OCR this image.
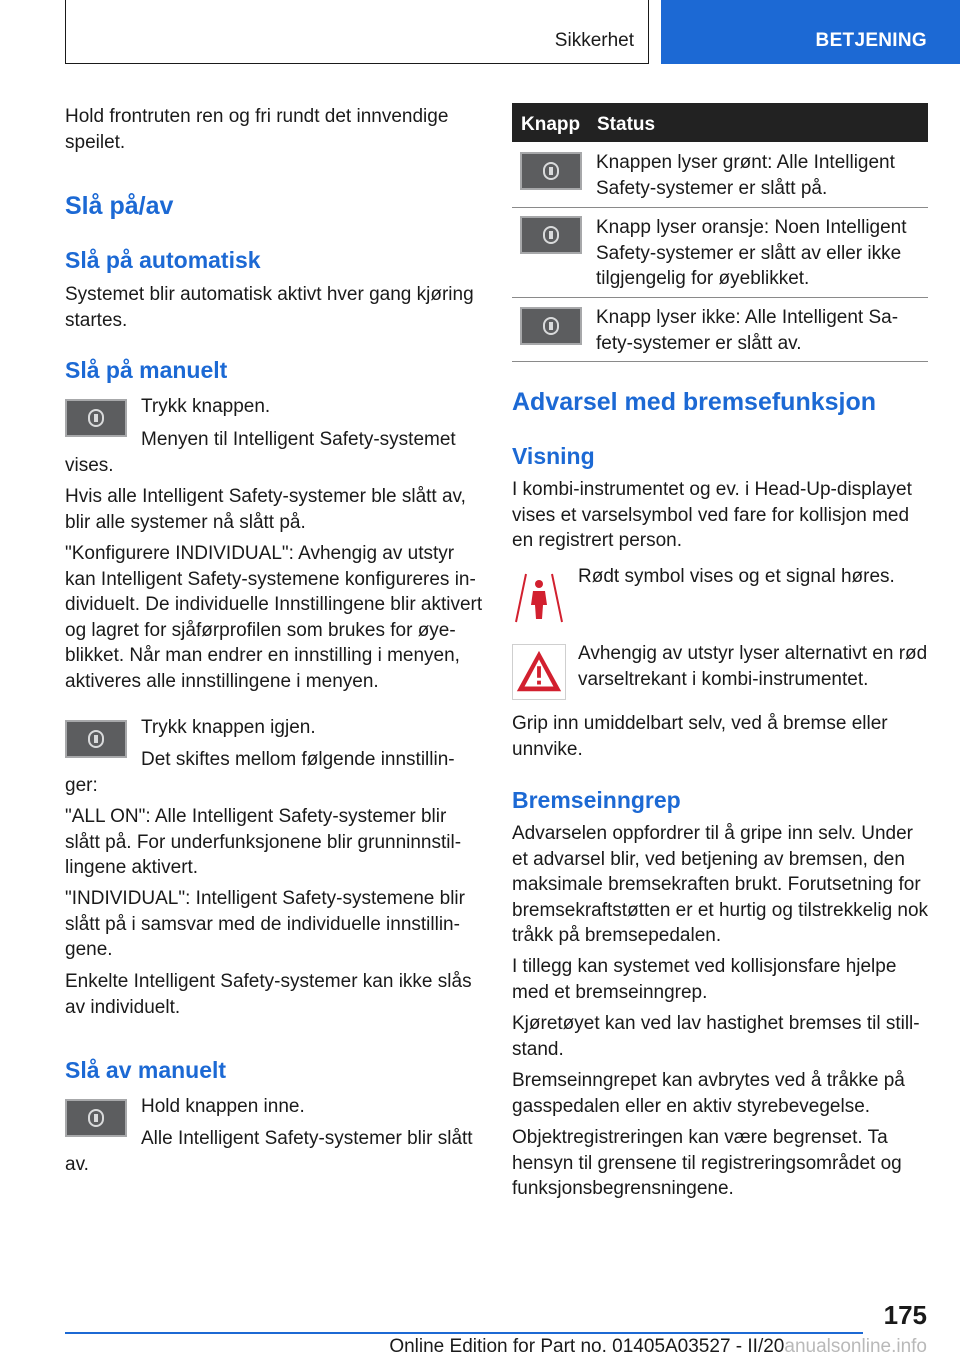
Sikkerhet	BETJENING
Hold frontruten ren og fri rundt det innvendige speilet.
Slå på/av
Slå på automatisk
Systemet blir automatisk aktivt hver gang kjøring startes.
Slå på manuelt
Trykk knappen.
Menyen til Intelligent Safety-systemet vises.
Hvis alle Intelligent Safety-systemer ble slått av, blir alle systemer nå slått på.
"Konfigurere INDIVIDUAL": Avhengig av utstyr kan Intelligent Safety-systemene konfigureres individuelt. De individuelle Innstillingene blir aktivert og lagret for sjåførprofilen som brukes for øyeblikket. Når man endrer en innstilling i menyen, aktiveres alle innstillingene i menyen.
Trykk knappen igjen.
Det skiftes mellom følgende innstillinger:
"ALL ON": Alle Intelligent Safety-systemer blir slått på. For underfunksjonene blir grunninnstillingene aktivert.
"INDIVIDUAL": Intelligent Safety-systemene blir slått på i samsvar med de individuelle innstillingene.
Enkelte Intelligent Safety-systemer kan ikke slås av individuelt.
Slå av manuelt
Hold knappen inne.
Alle Intelligent Safety-systemer blir slått av.
Knapp Status
Knappen lyser grønt: Alle Intelligent Safety-systemer er slått på.
Knapp lyser oransje: Noen Intelligent Safety-systemer er slått av eller ikke tilgjengelig for øyeblikket.
Knapp lyser ikke: Alle Intelligent Safety-systemer er slått av.
Advarsel med bremsefunksjon
Visning
I kombi-instrumentet og ev. i Head-Up-displayet vises et varselsymbol ved fare for kollisjon med en registrert person.
Rødt symbol vises og et signal høres.
Avhengig av utstyr lyser alternativt en rød varseltrekant i kombi-instrumentet.
Grip inn umiddelbart selv, ved å bremse eller unnvike.
Bremseinngrep
Advarselen oppfordrer til å gripe inn selv. Under et advarsel blir, ved betjening av bremsen, den maksimale bremsekraften brukt. Forutsetning for bremsekraftstøtten er et hurtig og tilstrekkelig nok tråkk på bremsepedalen.
I tillegg kan systemet ved kollisjonsfare hjelpe med et bremseinngrep.
Kjøretøyet kan ved lav hastighet bremses til stillstand.
Bremseinngrepet kan avbrytes ved å tråkke på gasspedalen eller en aktiv styrebevegelse.
Objektregistreringen kan være begrenset. Ta hensyn til grensene til registreringsområdet og funksjonsbegrensningene.
175
Online Edition for Part no. 01405A03527 - II/20anualsonline.info
